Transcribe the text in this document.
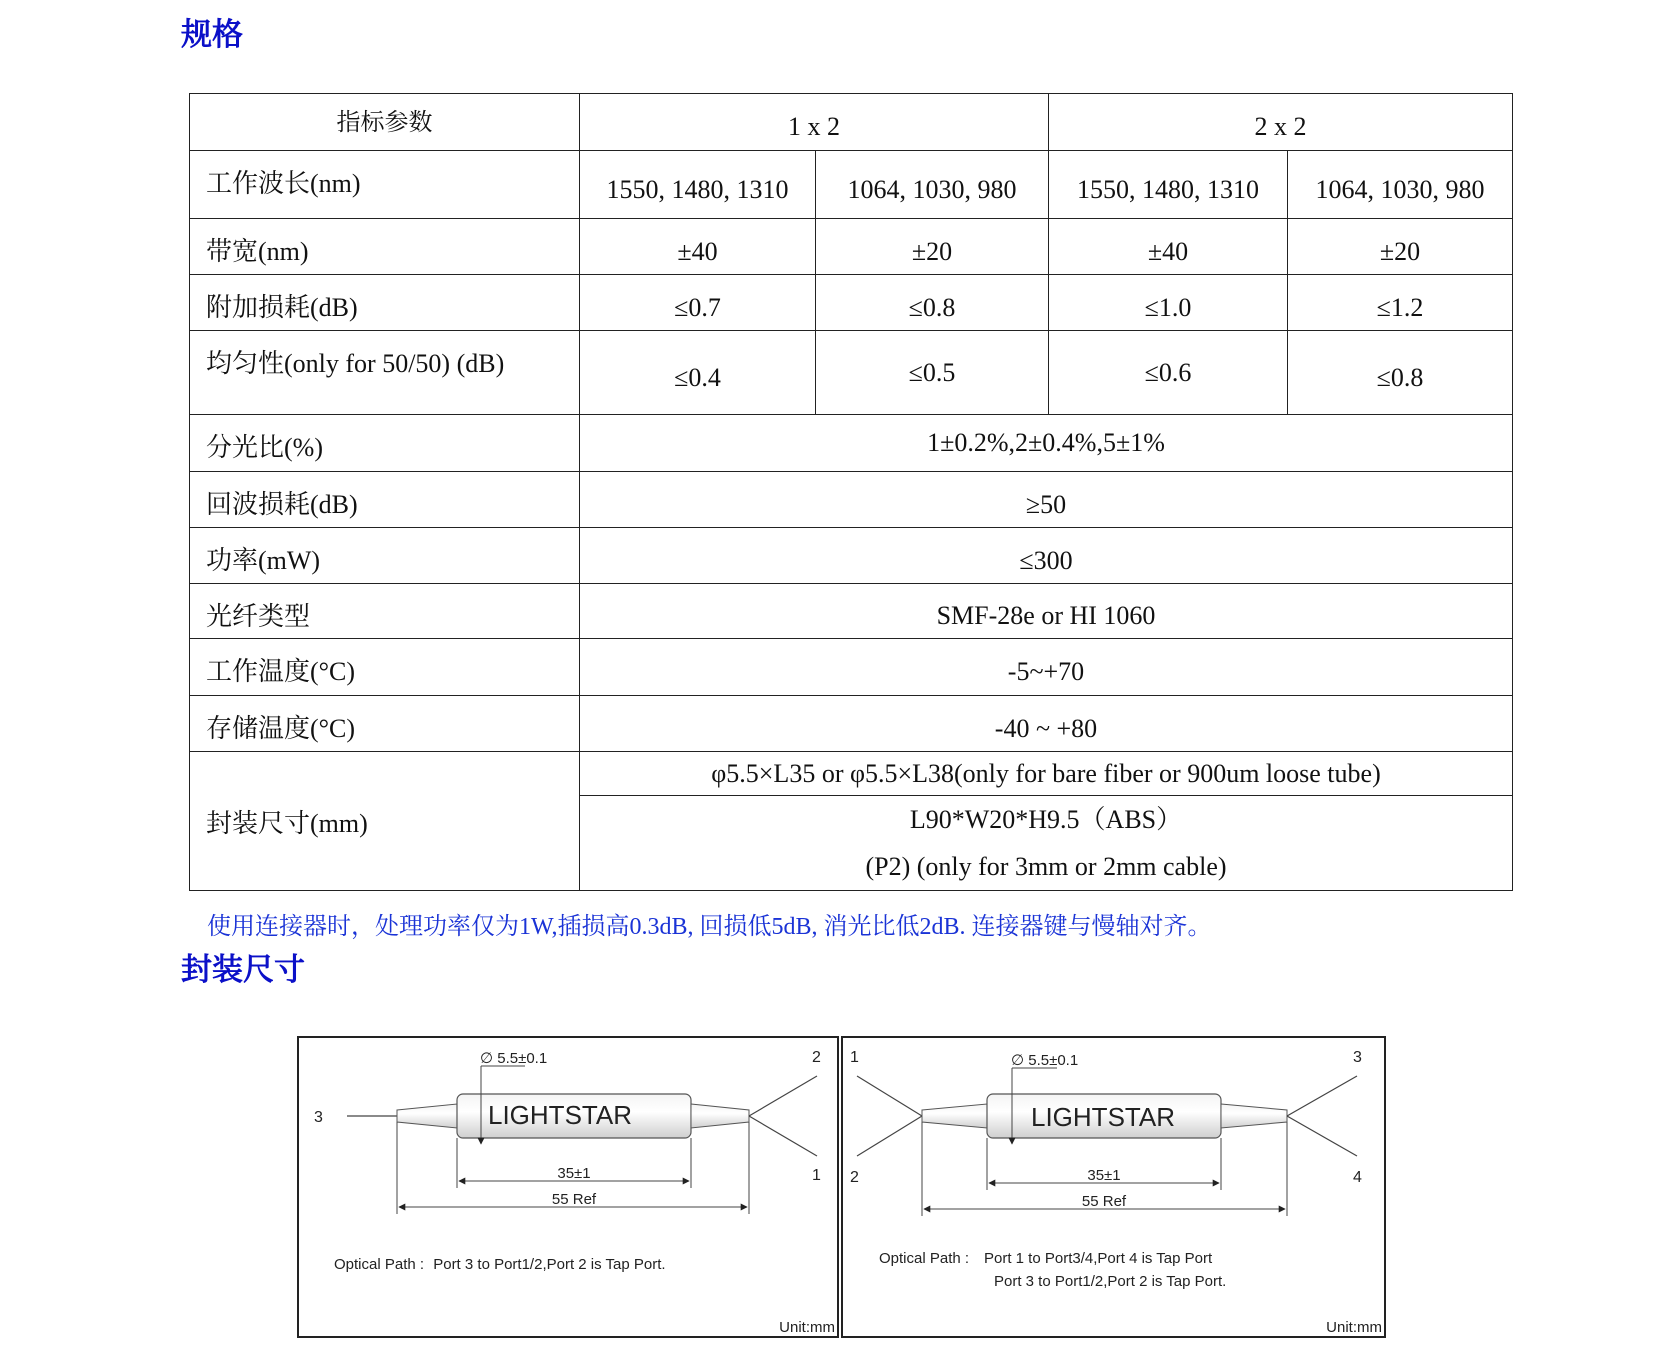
规格
指标参数	1 x 2		2 x 2	
工作波长(nm)	1550, 1480, 1310	1064, 1030, 980	1550, 1480, 1310	1064, 1030, 980
带宽(nm)	±40	±20	±40	±20
附加损耗(dB)	≤0.7	≤0.8	≤1.0	≤1.2
均匀性(only for 50/50) (dB)	≤0.4	≤0.5	≤0.6	≤0.8
分光比(%)	1±0.2%,2±0.4%,5±1%			
回波损耗(dB)	≥50			
功率(mW)	≤300			
光纤类型	SMF-28e or HI 1060			
工作温度(°C)	-5~+70			
存储温度(°C)	-40 ~ +80			
封装尺寸(mm)	φ5.5×L35 or φ5.5×L38(only for bare fiber or 900um loose tube)			

	L90*W20*H9.5（ABS）
(P2) (only for 3mm or 2mm cable)			

使用连接器时，处理功率仅为1W,插损高0.3dB, 回损低5dB, 消光比低2dB. 连接器键与慢轴对齐。

封装尺寸
∅ 5.5±0.1
LIGHTSTAR
35±1
55 Ref
3
2
1
Optical Path : Port 3 to Port1/2,Port 2 is Tap Port.
Unit:mm
∅ 5.5±0.1
LIGHTSTAR
35±1
55 Ref
1
2
3
4
Optical Path : Port 1 to Port3/4,Port 4 is Tap Port
Port 3 to Port1/2,Port 2 is Tap Port.
Unit:mm
